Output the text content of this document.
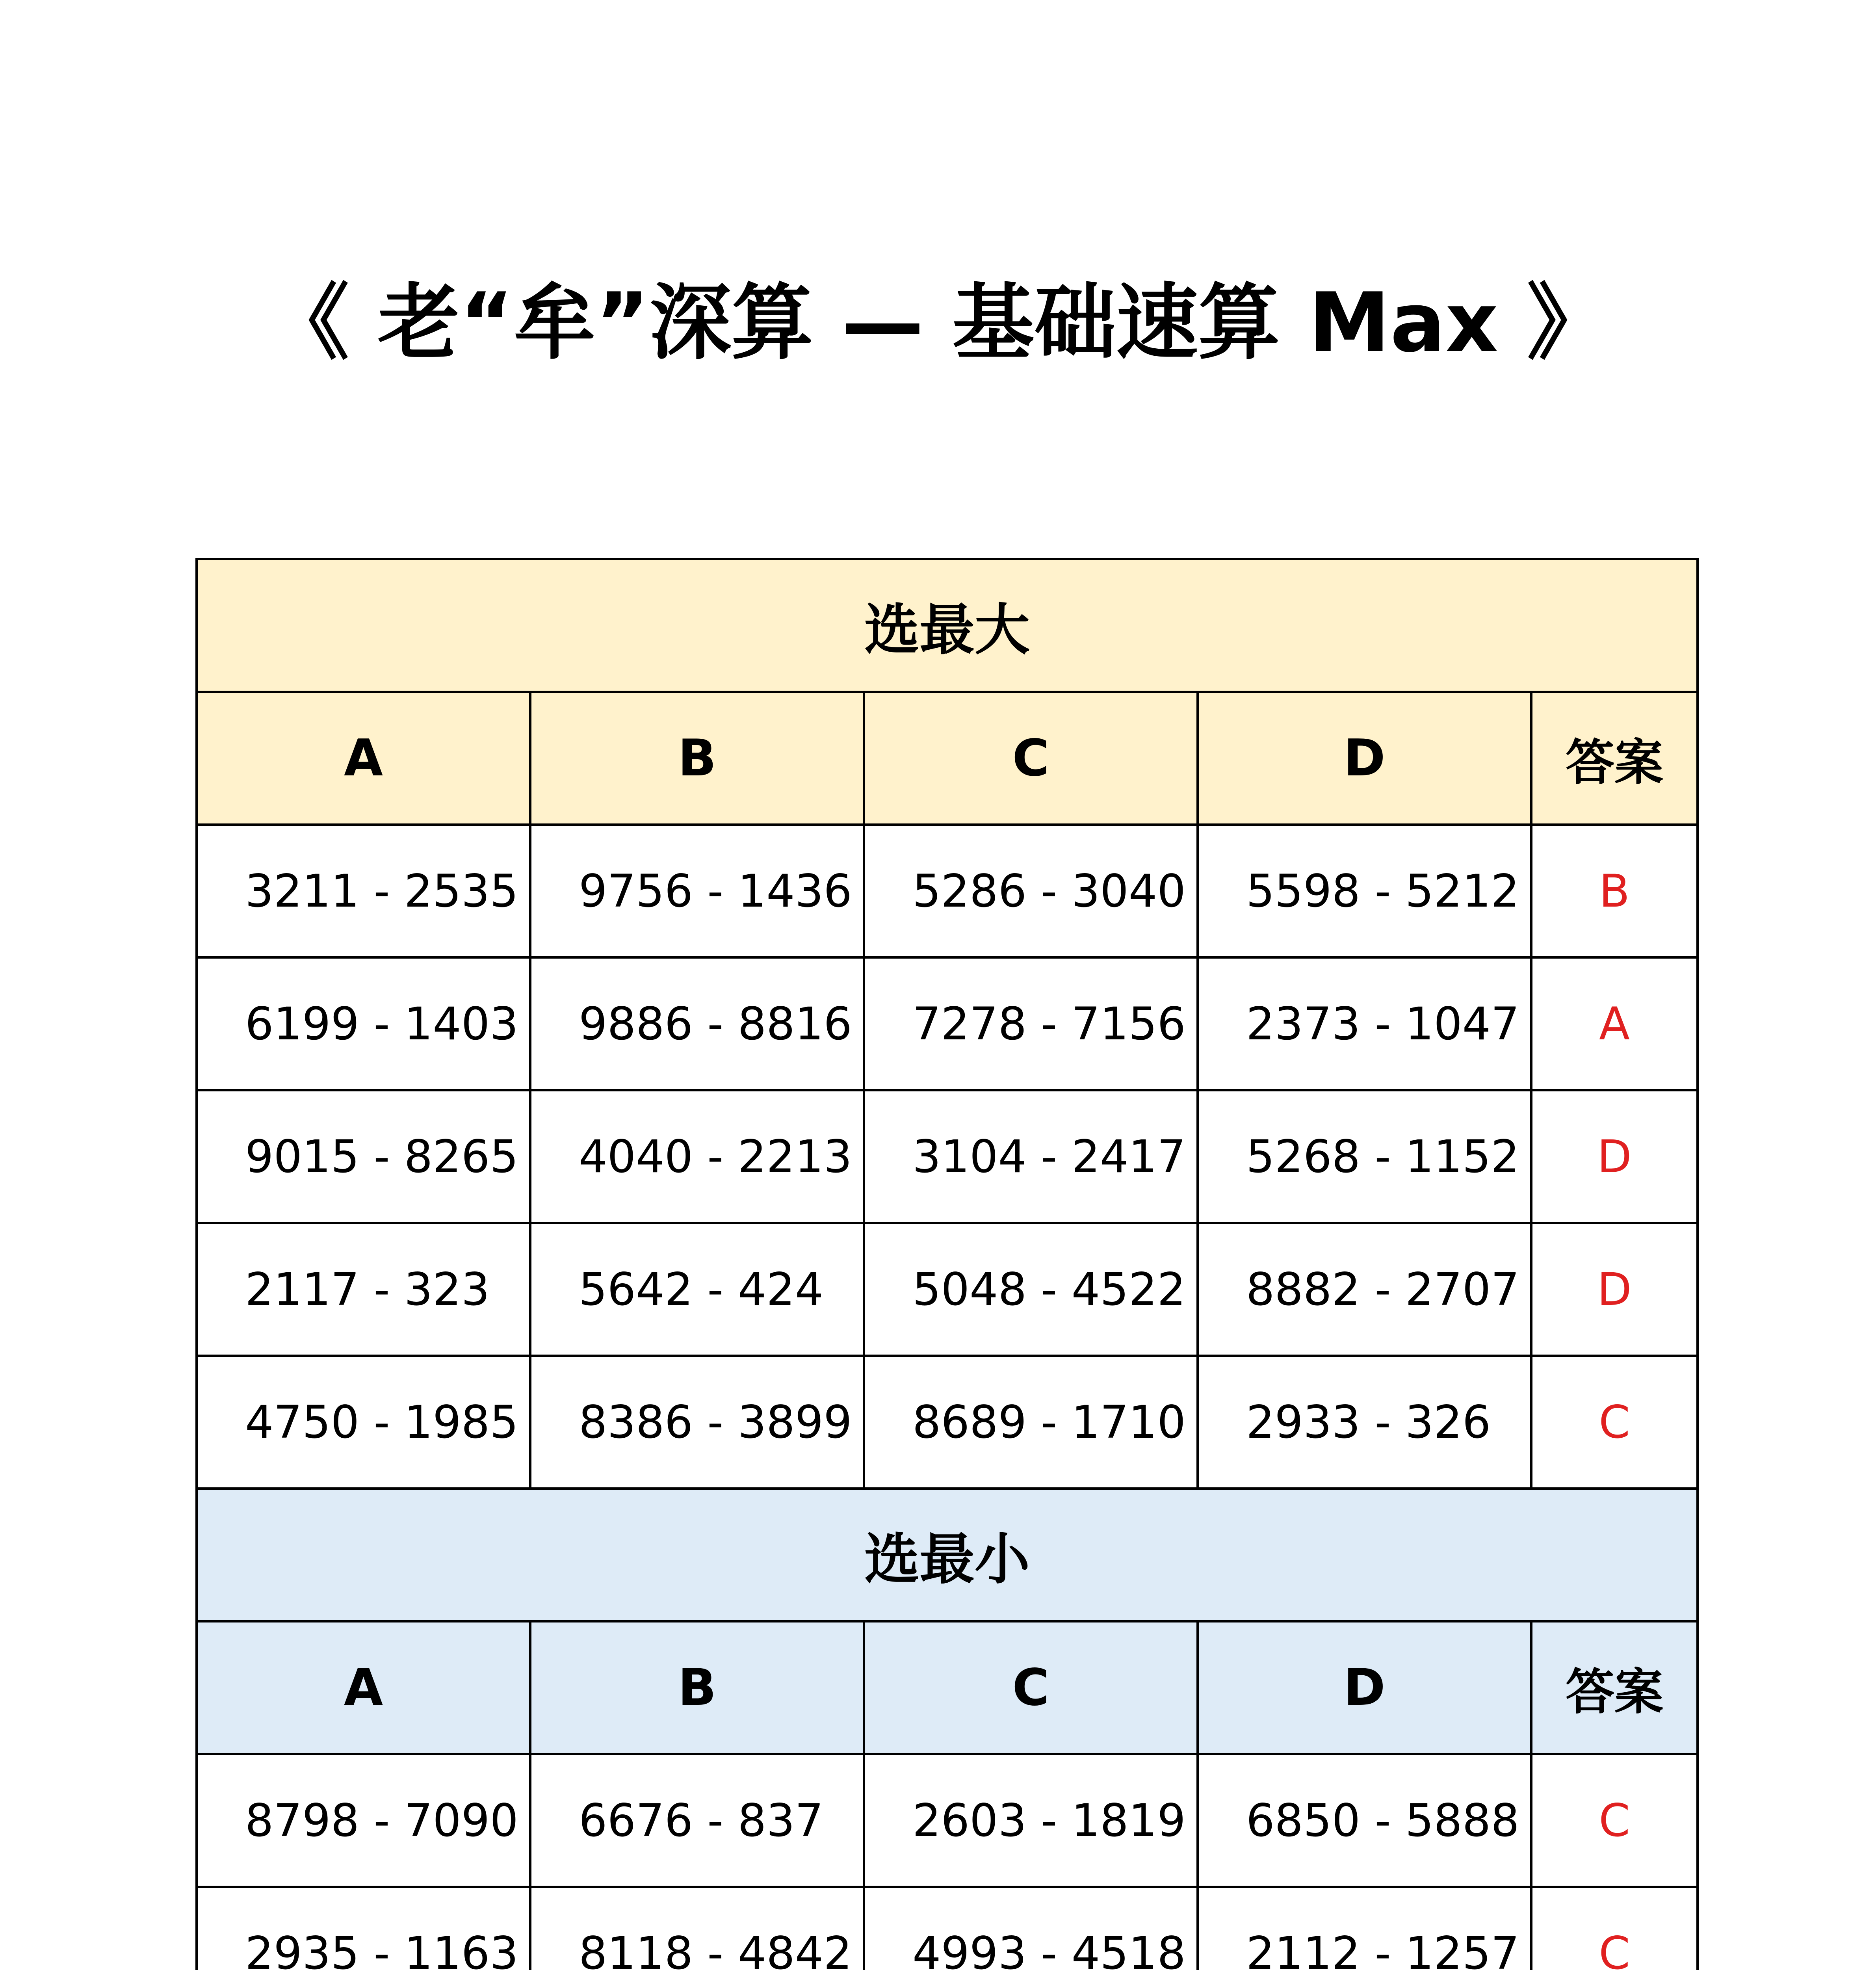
《 老“牟”深算 — 基础速算 Max 》
选最大				
A	B	C	D	答案
3211 - 2535	9756 - 1436	5286 - 3040	5598 - 5212	B
6199 - 1403	9886 - 8816	7278 - 7156	2373 - 1047	A
9015 - 8265	4040 - 2213	3104 - 2417	5268 - 1152	D
2117 - 323	5642 - 424	5048 - 4522	8882 - 2707	D
4750 - 1985	8386 - 3899	8689 - 1710	2933 - 326	C
选最小				
A	B	C	D	答案
8798 - 7090	6676 - 837	2603 - 1819	6850 - 5888	C
2935 - 1163	8118 - 4842	4993 - 4518	2112 - 1257	C
